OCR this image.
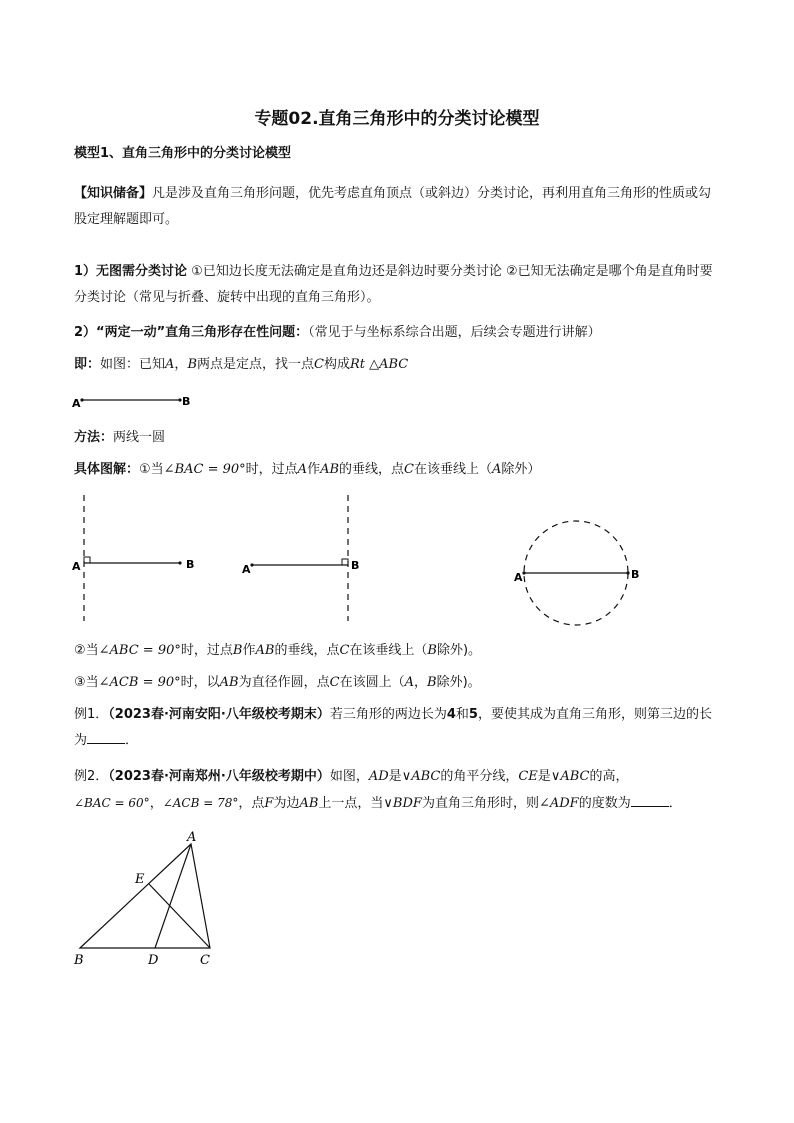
专题02.直角三角形中的分类讨论模型
模型1、直角三角形中的分类讨论模型
【知识储备】凡是涉及直角三角形问题，优先考虑直角顶点（或斜边）分类讨论，再利用直角三角形的性质或勾股定理解题即可。
1）无图需分类讨论 ①已知边长度无法确定是直角边还是斜边时要分类讨论 ②已知无法确定是哪个角是直角时要分类讨论（常见与折叠、旋转中出现的直角三角形）。
2）“两定一动”直角三角形存在性问题：（常见于与坐标系综合出题，后续会专题进行讲解）
即：如图：已知A，B两点是定点，找一点C构成Rt △ABC
A	B
方法：两线一圆
具体图解：①当∠BAC = 90°时，过点A作AB的垂线，点C在该垂线上（A除外）
A	B	A	B
A	B
②当∠ABC = 90°时，过点B作AB的垂线，点C在该垂线上（B除外)。
③当∠ACB = 90°时，以AB为直径作圆，点C在该圆上（A，B除外)。
例1．（2023春·河南安阳·八年级校考期末）若三角形的两边长为4和5，要使其成为直角三角形，则第三边的长为	．
例2．（2023春·河南郑州·八年级校考期中）如图，AD是∨ABC的角平分线，CE是∨ABC的高，
∠BAC = 60°，∠ACB = 78°，点F为边AB上一点，当∨BDF为直角三角形时，则∠ADF的度数为	．
A
B	D	C
E
